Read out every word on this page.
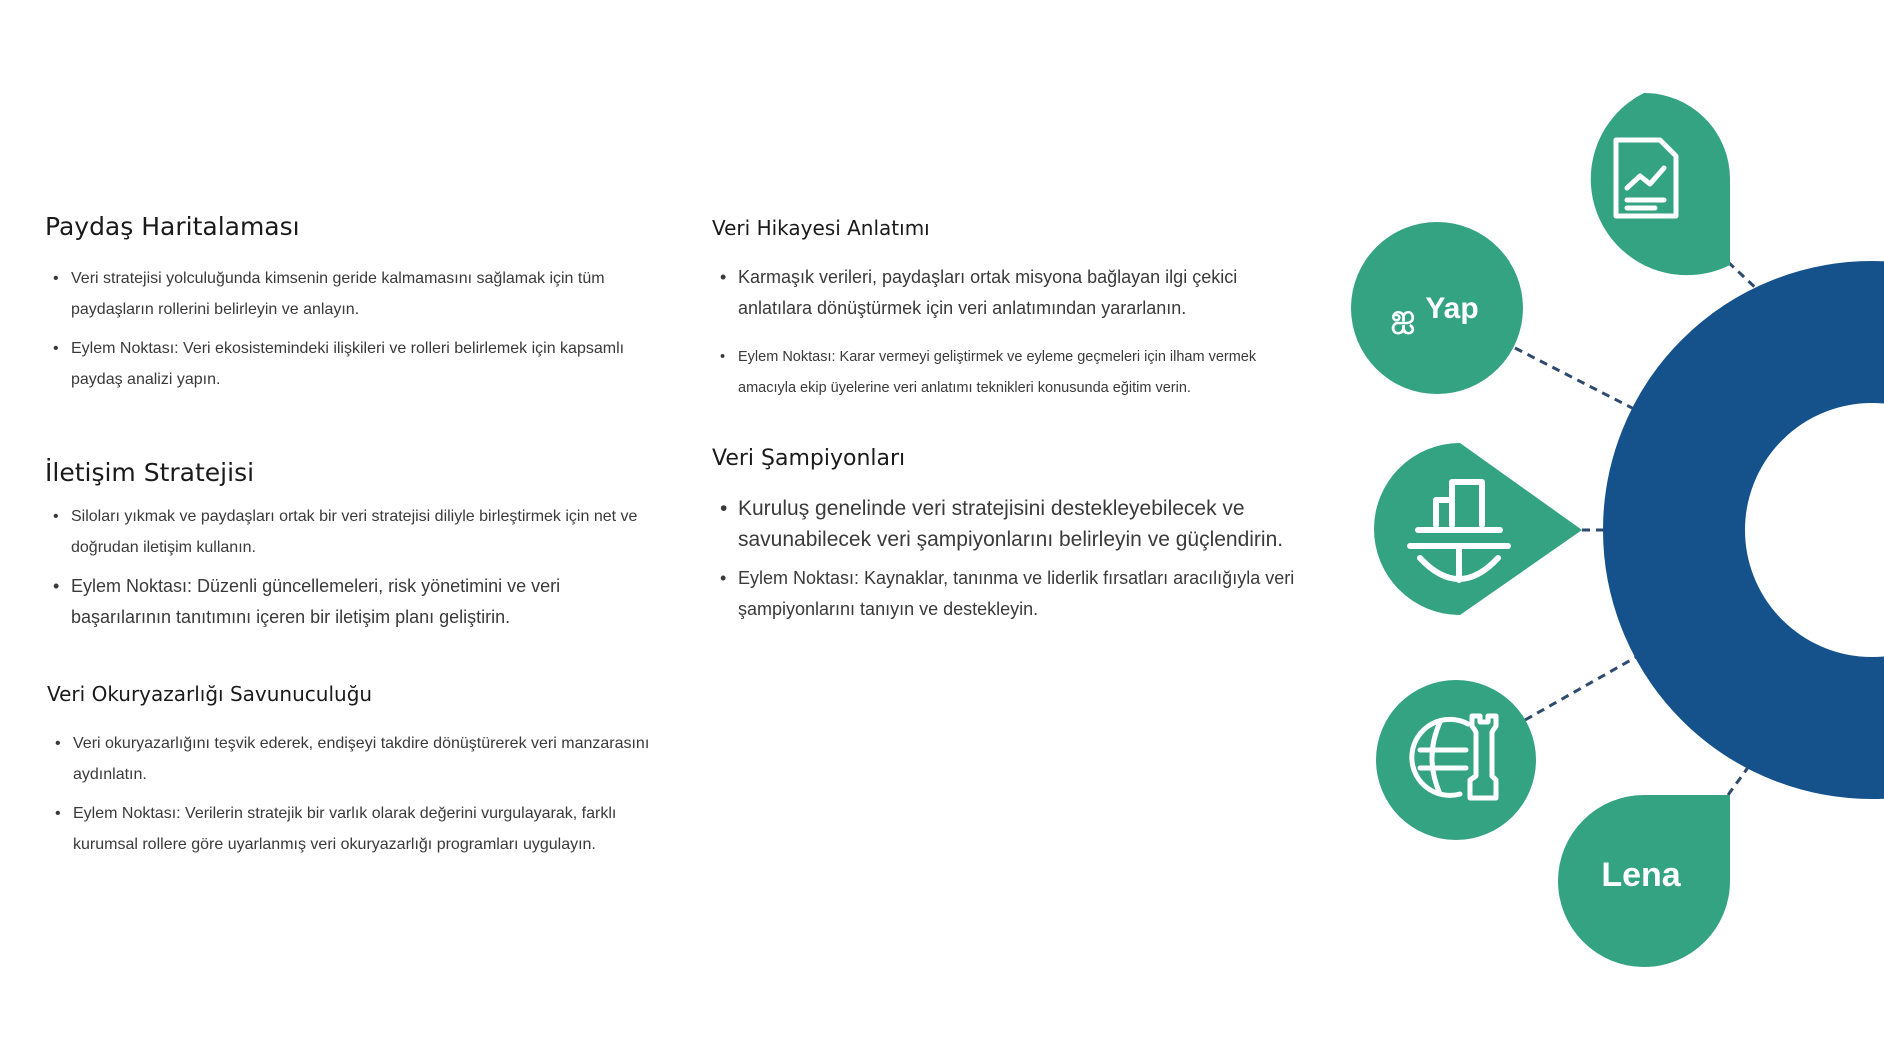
Paydaş Haritalaması
• Veri stratejisi yolculuğunda kimsenin geride kalmamasını sağlamak için tüm paydaşların rollerini belirleyin ve anlayın.
• Eylem Noktası: Veri ekosistemindeki ilişkileri ve rolleri belirlemek için kapsamlı paydaş analizi yapın.
İletişim Stratejisi
• Siloları yıkmak ve paydaşları ortak bir veri stratejisi diliyle birleştirmek için net ve doğrudan iletişim kullanın.
• Eylem Noktası: Düzenli güncellemeleri, risk yönetimini ve veri başarılarının tanıtımını içeren bir iletişim planı geliştirin.
Veri Okuryazarlığı Savunuculuğu
• Veri okuryazarlığını teşvik ederek, endişeyi takdire dönüştürerek veri manzarasını aydınlatın.
• Eylem Noktası: Verilerin stratejik bir varlık olarak değerini vurgulayarak, farklı kurumsal rollere göre uyarlanmış veri okuryazarlığı programları uygulayın.
Veri Hikayesi Anlatımı
• Karmaşık verileri, paydaşları ortak misyona bağlayan ilgi çekici anlatılara dönüştürmek için veri anlatımından yararlanın.
• Eylem Noktası: Karar vermeyi geliştirmek ve eyleme geçmeleri için ilham vermek amacıyla ekip üyelerine veri anlatımı teknikleri konusunda eğitim verin.
Veri Şampiyonları
• Kuruluş genelinde veri stratejisini destekleyebilecek ve savunabilecek veri şampiyonlarını belirleyin ve güçlendirin.
• Eylem Noktası: Kaynaklar, tanınma ve liderlik fırsatları aracılığıyla veri şampiyonlarını tanıyın ve destekleyin.
ஐ Yap
Lena
